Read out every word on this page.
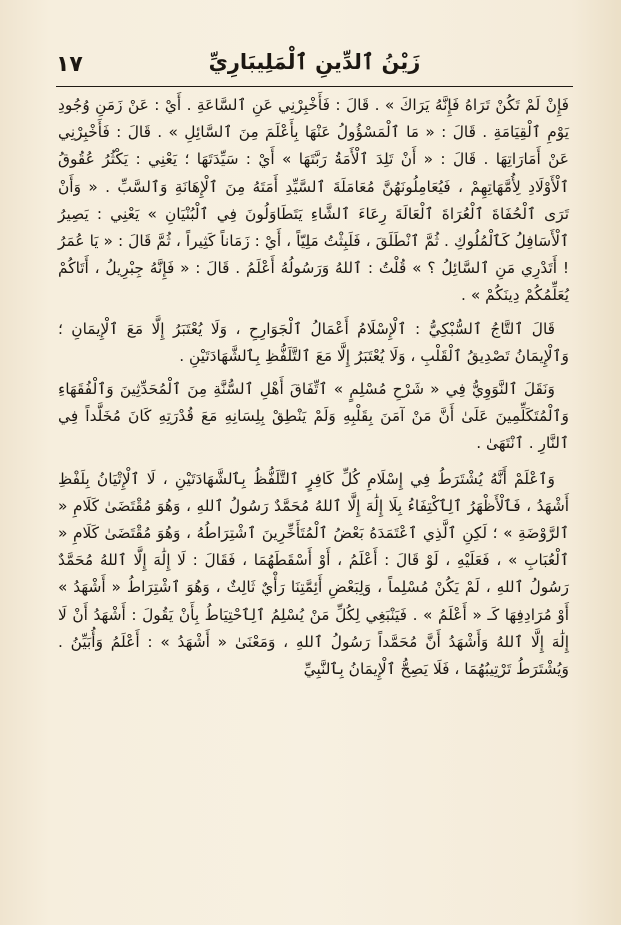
زَيْنُ ٱلدِّينِ ٱلْمَلِيبَارِيِّ
١٧

فَإِنْ لَمْ تَكُنْ تَرَاهُ فَإِنَّهُ يَرَاكَ » . قَالَ : فَأَخْبِرْنِي عَنِ ٱلسَّاعَةِ . أَيْ : عَنْ زَمَنِ وُجُودِ يَوْمِ ٱلْقِيَامَةِ . قَالَ : « مَا ٱلْمَسْؤُولُ عَنْهَا بِأَعْلَمَ مِنَ ٱلسَّائِلِ » . قَالَ : فَأَخْبِرْنِي عَنْ أَمَارَاتِهَا . قَالَ : « أَنْ تَلِدَ ٱلْأَمَةُ رَبَّتَهَا » أَيْ : سَيِّدَتَهَا ؛ يَعْنِي : يَكْثُرُ عُقُوقُ ٱلْأَوْلَادِ لِأُمَّهَاتِهِمْ ، فَيُعَامِلُونَهُنَّ مُعَامَلَةَ ٱلسَّيِّدِ أَمَتَهُ مِنَ ٱلْإِهَانَةِ وَٱلسَّبِّ . « وَأَنْ تَرَى ٱلْحُفَاةَ ٱلْعُرَاةَ ٱلْعَالَةَ رِعَاءَ ٱلشَّاءِ يَتَطَاوَلُونَ فِي ٱلْبُنْيَانِ » يَعْنِي : يَصِيرُ ٱلْأَسَافِلُ كَٱلْمُلُوكِ . ثُمَّ ٱنْطَلَقَ ، فَلَبِثْتُ مَلِيّاً ، أَيْ : زَمَاناً كَثِيراً ، ثُمَّ قَالَ : « يَا عُمَرُ ! أَتَدْرِي مَنِ ٱلسَّائِلُ ؟ » قُلْتُ : ٱللهُ وَرَسُولُهُ أَعْلَمُ . قَالَ : « فَإِنَّهُ جِبْرِيلُ ، أَتَاكُمْ يُعَلِّمُكُمْ دِينَكُمْ » .

قَالَ ٱلتَّاجُ ٱلسُّبْكِيُّ : ٱلْإِسْلَامُ أَعْمَالُ ٱلْجَوَارِحِ ، وَلَا يُعْتَبَرُ إِلَّا مَعَ ٱلْإِيمَانِ ؛ وَٱلْإِيمَانُ تَصْدِيقُ ٱلْقَلْبِ ، وَلَا يُعْتَبَرُ إِلَّا مَعَ ٱلتَّلَفُّظِ بِٱلشَّهَادَتَيْنِ .

وَنَقَلَ ٱلنَّوَوِيُّ فِي « شَرْحِ مُسْلِمٍ » ٱتِّفَاقَ أَهْلِ ٱلسُّنَّةِ مِنَ ٱلْمُحَدِّثِينَ وَٱلْفُقَهَاءِ وَٱلْمُتَكَلِّمِينَ عَلَىٰ أَنَّ مَنْ آمَنَ بِقَلْبِهِ وَلَمْ يَنْطِقْ بِلِسَانِهِ مَعَ قُدْرَتِهِ كَانَ مُخَلَّداً فِي ٱلنَّارِ . ٱنْتَهَىٰ .

وَٱعْلَمْ أَنَّهُ يُشْتَرَطُ فِي إِسْلَامِ كُلِّ كَافِرٍ ٱلتَّلَفُّظُ بِٱلشَّهَادَتَيْنِ ، لَا ٱلْإِتْيَانُ بِلَفْظِ أَشْهَدُ ، فَٱلْأَظْهَرُ ٱلِٱكْتِفَاءُ بِلَا إِلَٰهَ إِلَّا ٱللهُ مُحَمَّدٌ رَسُولُ ٱللهِ ، وَهُوَ مُقْتَضَىٰ كَلَامِ « ٱلرَّوْضَةِ » ؛ لَكِنِ ٱلَّذِي ٱعْتَمَدَهُ بَعْضُ ٱلْمُتَأَخِّرِينَ ٱشْتِرَاطُهُ ، وَهُوَ مُقْتَضَىٰ كَلَامِ « ٱلْعُبَابِ » ، فَعَلَيْهِ ، لَوْ قَالَ : أَعْلَمُ ، أَوْ أَسْقَطَهُمَا ، فَقَالَ : لَا إِلَٰهَ إِلَّا ٱللهُ مُحَمَّدٌ رَسُولُ ٱللهِ ، لَمْ يَكُنْ مُسْلِماً ، وَلِبَعْضِ أَئِمَّتِنَا رَأْيٌ ثَالِثٌ ، وَهُوَ ٱشْتِرَاطُ « أَشْهَدُ » أَوْ مُرَادِفِهَا كَـ « أَعْلَمُ » . فَيَنْبَغِي لِكُلِّ مَنْ يُسْلِمُ ٱلِٱحْتِيَاطُ بِأَنْ يَقُولَ : أَشْهَدُ أَنْ لَا إِلَٰهَ إِلَّا ٱللهُ وَأَشْهَدُ أَنَّ مُحَمَّداً رَسُولُ ٱللهِ ، وَمَعْنَىٰ « أَشْهَدُ » : أَعْلَمُ وَأُبَيِّنُ . وَيُشْتَرَطُ تَرْتِيبُهُمَا ، فَلَا يَصِحُّ ٱلْإِيمَانُ بِٱلنَّبِيِّ
